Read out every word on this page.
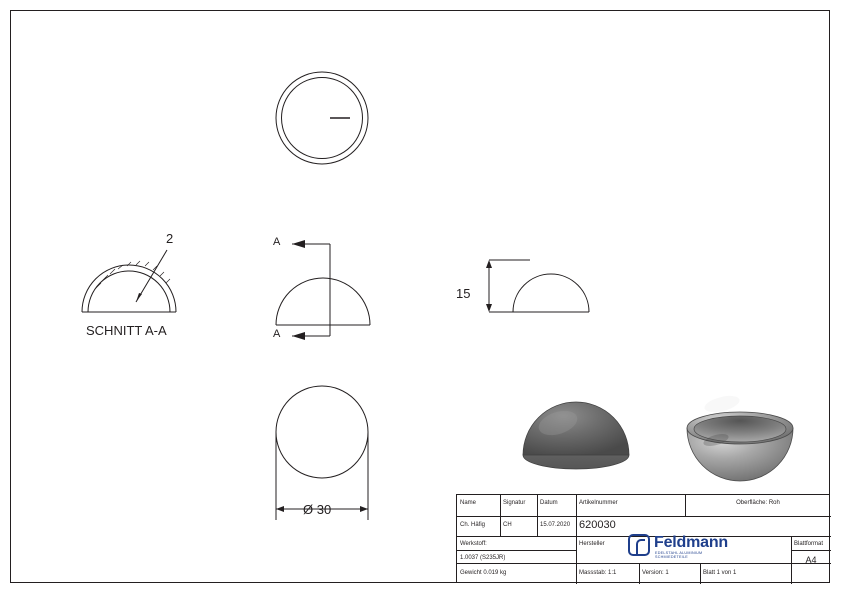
2
SCHNITT A-A
A
A
15
Ø 30	Name	Signatur	Datum	Artikelnummer	Oberfläche: Roh
Ch. Häfig	CH	15.07.2020 620030
Werkstoff:
1.0037 (S235JR)
Hersteller	Blattformat
A4
Gewicht 0.019 kg	Massstab: 1:1	Version: 1	Blatt 1 von 1
Feldmann
EDELSTAHL ALUMINIUM SCHMIEDETEILE
